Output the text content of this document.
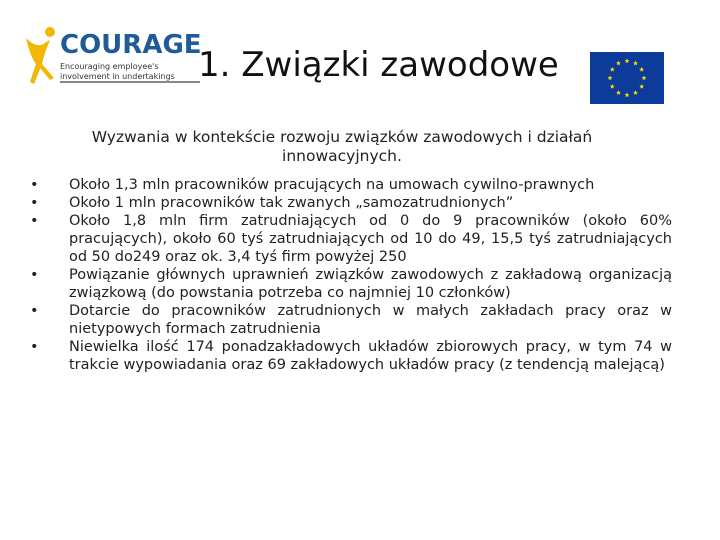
COURAGE
Encouraging employee's
involvement in undertakings 1. Związki zawodowe
Wyzwania w kontekście rozwoju związków zawodowych i działań innowacyjnych.
•	Około 1,3 mln pracowników pracujących na umowach cywilno-prawnych
•	Około 1 mln pracowników tak zwanych „samozatrudnionych”
•	Około 1,8 mln firm zatrudniających od 0 do 9 pracowników (około 60% pracujących), około 60 tyś zatrudniających od 10 do 49, 15,5 tyś zatrudniających od 50 do249 oraz ok. 3,4 tyś firm powyżej 250
•	Powiązanie głównych uprawnień związków zawodowych z zakładową organizacją związkową (do powstania potrzeba co najmniej 10 członków)
•	Dotarcie do pracowników zatrudnionych w małych zakładach pracy oraz w nietypowych formach zatrudnienia
•	Niewielka ilość 174 ponadzakładowych układów zbiorowych pracy, w tym 74 w trakcie wypowiadania oraz 69 zakładowych układów pracy (z tendencją malejącą)
